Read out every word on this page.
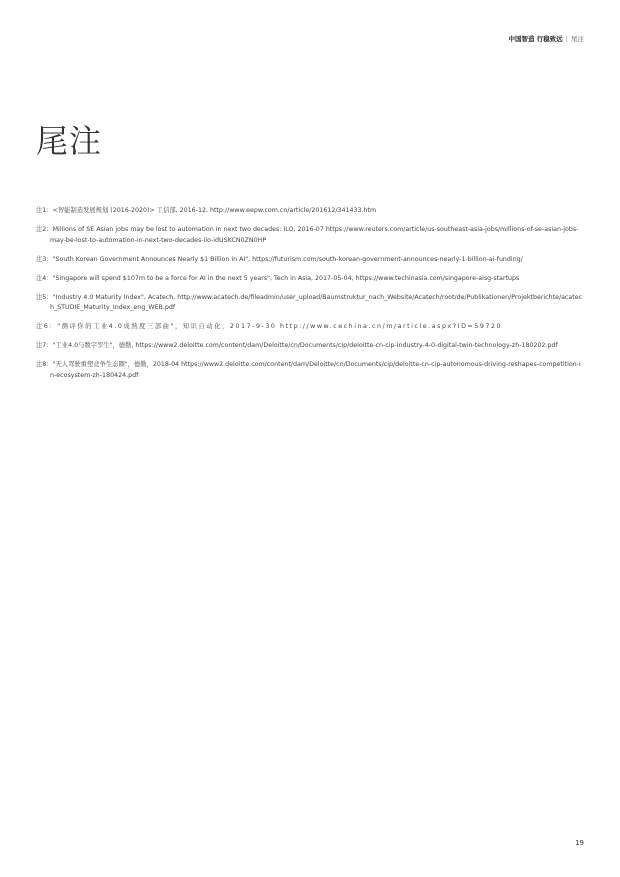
中国智造 行稳致远 | 尾注
尾注
注1：<智能制造发展规划 (2016-2020)> 工信部, 2016-12, http://www.eepw.com.cn/article/201612/341433.htm
注2：Millions of SE Asian jobs may be lost to automation in next two decades: ILO, 2016-07 https://www.reuters.com/article/us-southeast-asia-jobs/millions-of-se-asian-jobs-may-be-lost-to-automation-in-next-two-decades-ilo-idUSKCN0ZN0HP
注3："South Korean Government Announces Nearly $1 Billion in AI", https://futurism.com/south-korean-government-announces-nearly-1-billion-ai-funding/
注4："Singapore will spend $107m to be a force for AI in the next 5 years", Tech in Asia, 2017-05-04, https://www.techinasia.com/singapore-aisg-startups
注5："Industry 4.0 Maturity Index", Acatech, http://www.acatech.de/fileadmin/user_upload/Baumstruktur_nach_Website/Acatech/root/de/Publikationen/Projektberichte/acatech_STUDIE_Maturity_Index_eng_WEB.pdf
注6："测评你的工业4.0成熟度三部曲"，知识自动化，2017-9-30 http://www.cechina.cn/m/article.aspx?ID=59720
注7："工业4.0与数字孪生"，德勤, https://www2.deloitte.com/content/dam/Deloitte/cn/Documents/cip/deloitte-cn-cip-industry-4-0-digital-twin-technology-zh-180202.pdf
注8："无人驾驶重塑竞争生态圈"，德勤，2018-04 https://www2.deloitte.com/content/dam/Deloitte/cn/Documents/cip/deloitte-cn-cip-autonomous-driving-reshapes-competition-in-ecosystem-zh-180424.pdf
19
